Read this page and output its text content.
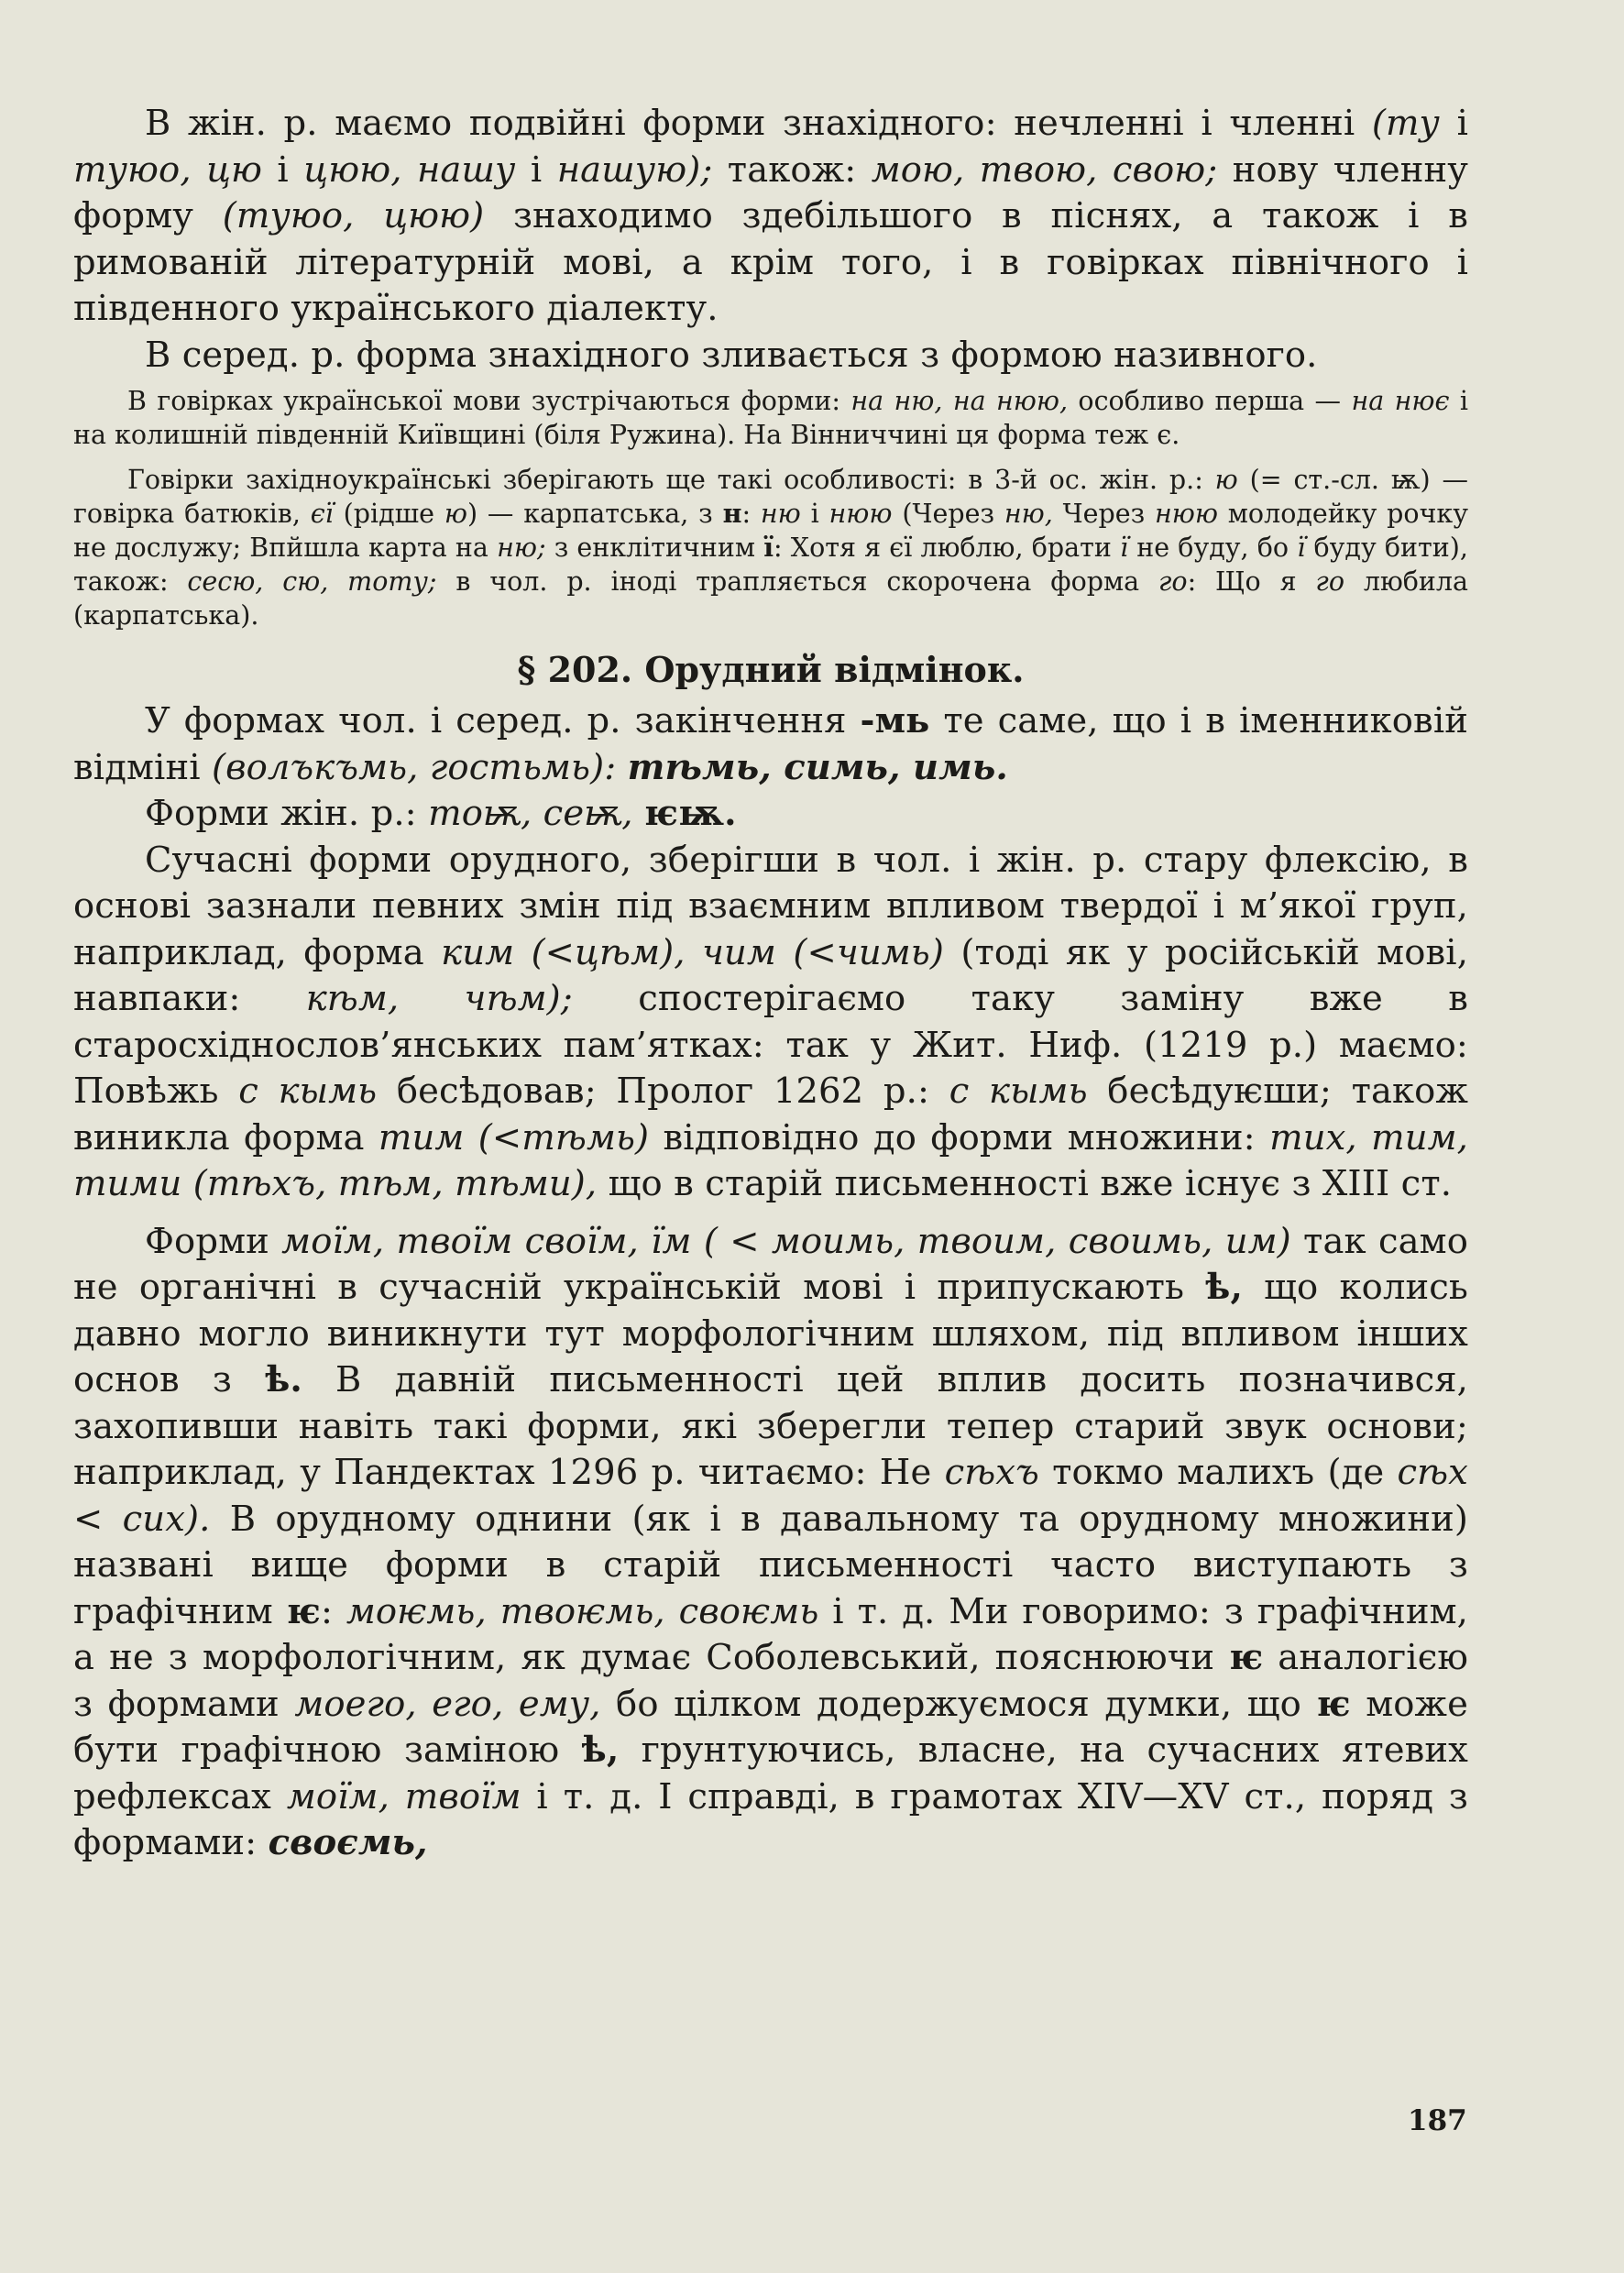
В жін. р. маємо подвійні форми знахідного: нечленні і членні (ту і туюо, цю і цюю, нашу і нашую); також: мою, твою, свою; нову членну форму (туюо, цюю) знаходимо здебільшого в піснях, а також і в римованій літературній мові, а крім того, і в говірках північного і південного українського діалекту.

В серед. р. форма знахідного зливається з формою називного.

В говірках української мови зустрічаються форми: на ню, на нюю, особливо перша — на нює і на колишній південній Київщині (біля Ружина). На Вінниччині ця форма теж є.

Говірки західноукраїнські зберігають ще такі особливості: в 3-й ос. жін. р.: ю (= ст.-сл. ѭ) — говірка батюків, єї (рідше ю) — карпатська, з н: ню і нюю (Через ню, Через нюю молодейку рочку не дослужу; Впйшла карта на ню; з енклітичним ї: Хотя я єї люблю, брати ї не буду, бо ї буду бити), також: сесю, сю, тоту; в чол. р. іноді трапляється скорочена форма го: Що я го любила (карпатська).

§ 202. Орудний відмінок.

У формах чол. і серед. р. закінчення -мь те саме, що і в іменниковій відміні (волъкъмь, гостьмь): тѣмь, симь, имь.

Форми жін. р.: тоѭ, сеѭ, ѥѭ.

Сучасні форми орудного, зберігши в чол. і жін. р. стару флексію, в основі зазнали певних змін під взаємним впливом твердої і м’якої груп, наприклад, форма ким (<цѣм), чим (<чимь) (тоді як у російській мові, навпаки: кѣм, чѣм); спостерігаємо таку заміну вже в старосхіднослов’янських пам’ятках: так у Жит. Ниф. (1219 р.) маємо: Повѣжь с кымь бесѣдовав; Пролог 1262 р.: с кымь бесѣдуѥши; також виникла форма тим (<тѣмь) відповідно до форми множини: тих, тим, тими (тѣхъ, тѣм, тѣми), що в старій письменності вже існує з XIII ст.

Форми моїм, твоїм своїм, їм ( < моимь, твоим, своимь, им) так само не органічні в сучасній українській мові і припускають ѣ, що колись давно могло виникнути тут морфологічним шляхом, під впливом інших основ з ѣ. В давній письменності цей вплив досить позначився, захопивши навіть такі форми, які зберегли тепер старий звук основи; наприклад, у Пандектах 1296 р. читаємо: Не сѣхъ токмо малихъ (де сѣх < сих). В орудному однини (як і в давальному та орудному множини) названі вище форми в старій письменності часто виступають з графічним ѥ: моѥмь, твоѥмь, своѥмь і т. д. Ми говоримо: з графічним, а не з морфологічним, як думає Соболевський, пояснюючи ѥ аналогією з формами моего, его, ему, бо цілком додержуємося думки, що ѥ може бути графічною заміною ѣ, грунтуючись, власне, на сучасних ятевих рефлексах моїм, твоїм і т. д. І справді, в грамотах XIV—XV ст., поряд з формами: своємь,

187
